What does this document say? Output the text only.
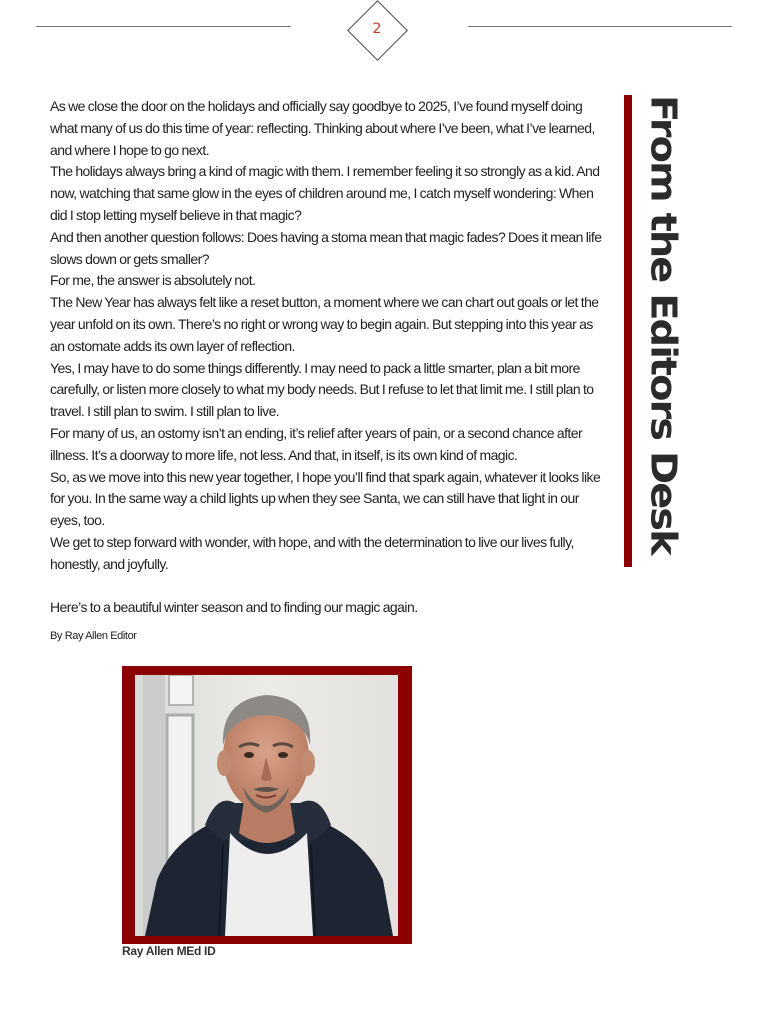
2

As we close the door on the holidays and officially say goodbye to 2025, I’ve found myself doing what many of us do this time of year: reflecting. Thinking about where I’ve been, what I’ve learned, and where I hope to go next.

The holidays always bring a kind of magic with them. I remember feeling it so strongly as a kid. And now, watching that same glow in the eyes of children around me, I catch myself wondering: When did I stop letting myself believe in that magic?

And then another question follows: Does having a stoma mean that magic fades? Does it mean life slows down or gets smaller?

For me, the answer is absolutely not.

The New Year has always felt like a reset button, a moment where we can chart out goals or let the year unfold on its own. There’s no right or wrong way to begin again. But stepping into this year as an ostomate adds its own layer of reflection.

Yes, I may have to do some things differently. I may need to pack a little smarter, plan a bit more carefully, or listen more closely to what my body needs. But I refuse to let that limit me. I still plan to travel. I still plan to swim. I still plan to live.

For many of us, an ostomy isn’t an ending, it’s relief after years of pain, or a second chance after illness. It’s a doorway to more life, not less. And that, in itself, is its own kind of magic.

So, as we move into this new year together, I hope you’ll find that spark again, whatever it looks like for you. In the same way a child lights up when they see Santa, we can still have that light in our eyes, too.

We get to step forward with wonder, with hope, and with the determination to live our lives fully, honestly, and joyfully.

Here’s to a beautiful winter season and to finding our magic again.

By Ray Allen Editor
From the Editors Desk
Ray Allen MEd ID
